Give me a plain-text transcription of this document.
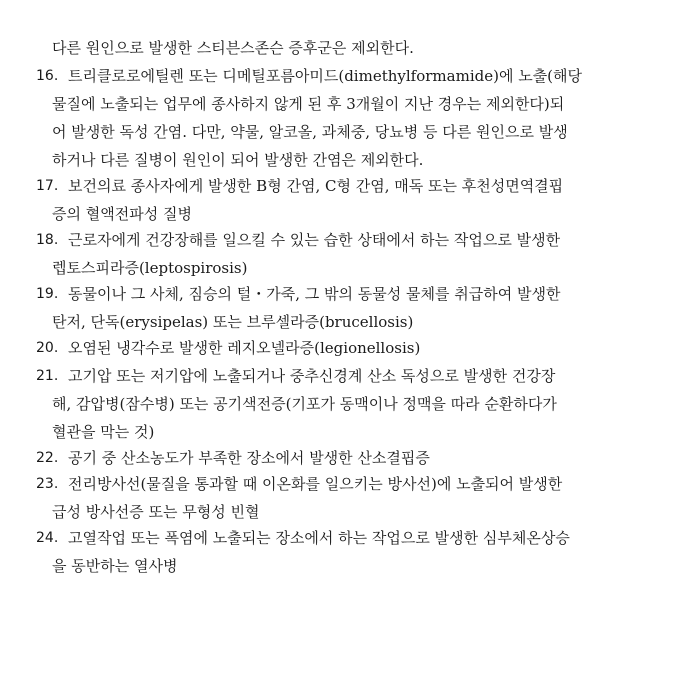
다른 원인으로 발생한 스티븐스존슨 증후군은 제외한다.
16. 트리클로로에틸렌 또는 디메틸포름아미드(dimethylformamide)에 노출(해당
물질에 노출되는 업무에 종사하지 않게 된 후 3개월이 지난 경우는 제외한다)되
어 발생한 독성 간염. 다만, 약물, 알코올, 과체중, 당뇨병 등 다른 원인으로 발생
하거나 다른 질병이 원인이 되어 발생한 간염은 제외한다.
17. 보건의료 종사자에게 발생한 B형 간염, C형 간염, 매독 또는 후천성면역결핍
증의 혈액전파성 질병
18. 근로자에게 건강장해를 일으킬 수 있는 습한 상태에서 하는 작업으로 발생한
렙토스피라증(leptospirosis)
19. 동물이나 그 사체, 짐승의 털・가죽, 그 밖의 동물성 물체를 취급하여 발생한
탄저, 단독(erysipelas) 또는 브루셀라증(brucellosis)
20. 오염된 냉각수로 발생한 레지오넬라증(legionellosis)
21. 고기압 또는 저기압에 노출되거나 중추신경계 산소 독성으로 발생한 건강장
해, 감압병(잠수병) 또는 공기색전증(기포가 동맥이나 정맥을 따라 순환하다가
혈관을 막는 것)
22. 공기 중 산소농도가 부족한 장소에서 발생한 산소결핍증
23. 전리방사선(물질을 통과할 때 이온화를 일으키는 방사선)에 노출되어 발생한
급성 방사선증 또는 무형성 빈혈
24. 고열작업 또는 폭염에 노출되는 장소에서 하는 작업으로 발생한 심부체온상승
을 동반하는 열사병
